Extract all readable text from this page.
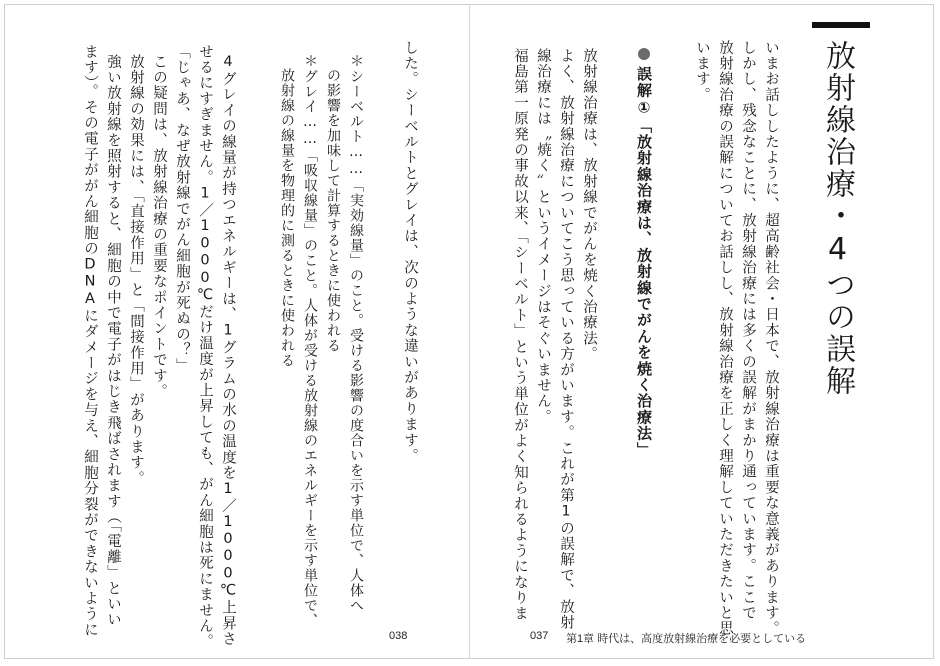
放射線治療・4つの誤解
いまお話ししたように、超高齢社会・日本で、放射線治療は重要な意義があります。
しかし、残念なことに、放射線治療には多くの誤解がまかり通っています。ここで
放射線治療の誤解についてお話しし、放射線治療を正しく理解していただきたいと思
います。
誤解①「放射線治療は、放射線でがんを焼く治療法」
放射線治療は、放射線でがんを焼く治療法。
よく、放射線治療についてこう思っている方がいます。これが第1の誤解で、放射
線治療には〝焼く〟というイメージはそぐいません。
福島第一原発の事故以来、「シーベルト」という単位がよく知られるようになりま
した。シーベルトとグレイは、次のような違いがあります。
＊シーベルト……「実効線量」のこと。受ける影響の度合いを示す単位で、人体へ
の影響を加味して計算するときに使われる
＊グレイ……「吸収線量」のこと。人体が受ける放射線のエネルギーを示す単位で、
放射線の線量を物理的に測るときに使われる
4グレイの線量が持つエネルギーは、1グラムの水の温度を1／1000℃上昇さ
せるにすぎません。1／1000℃だけ温度が上昇しても、がん細胞は死にません。
「じゃあ、なぜ放射線でがん細胞が死ぬの？」
この疑問は、放射線治療の重要なポイントです。
放射線の効果には、「直接作用」と「間接作用」があります。
強い放射線を照射すると、細胞の中で電子がはじき飛ばされます（「電離」といい
ます）。その電子ががん細胞のDNAにダメージを与え、細胞分裂ができないように	038	037 第1章 時代は、高度放射線治療を必要としている
